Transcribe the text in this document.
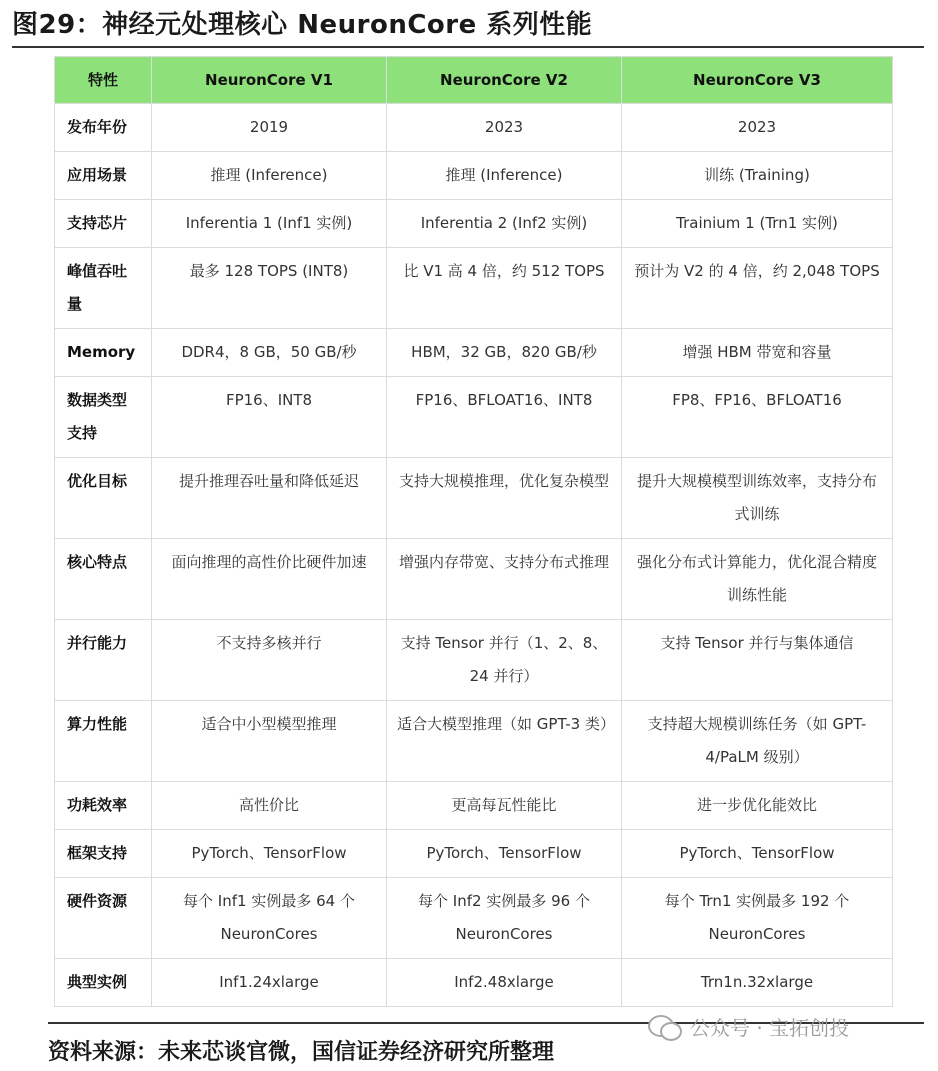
图29：神经元处理核心 NeuronCore 系列性能
特性	NeuronCore V1	NeuronCore V2	NeuronCore V3
发布年份	2019	2023	2023
应用场景	推理 (Inference)	推理 (Inference)	训练 (Training)
支持芯片	Inferentia 1 (Inf1 实例)	Inferentia 2 (Inf2 实例)	Trainium 1 (Trn1 实例)
峰值吞吐量	最多 128 TOPS (INT8)	比 V1 高 4 倍，约 512 TOPS	预计为 V2 的 4 倍，约 2,048 TOPS
Memory	DDR4，8 GB，50 GB/秒	HBM，32 GB，820 GB/秒	增强 HBM 带宽和容量
数据类型支持	FP16、INT8	FP16、BFLOAT16、INT8	FP8、FP16、BFLOAT16
优化目标	提升推理吞吐量和降低延迟	支持大规模推理，优化复杂模型	提升大规模模型训练效率，支持分布式训练
核心特点	面向推理的高性价比硬件加速	增强内存带宽、支持分布式推理	强化分布式计算能力，优化混合精度训练性能
并行能力	不支持多核并行	支持 Tensor 并行（1、2、8、24 并行）	支持 Tensor 并行与集体通信
算力性能	适合中小型模型推理	适合大模型推理（如 GPT-3 类）	支持超大规模训练任务（如 GPT-4/PaLM 级别）
功耗效率	高性价比	更高每瓦性能比	进一步优化能效比
框架支持	PyTorch、TensorFlow	PyTorch、TensorFlow	PyTorch、TensorFlow
硬件资源	每个 Inf1 实例最多 64 个 NeuronCores	每个 Inf2 实例最多 96 个 NeuronCores	每个 Trn1 实例最多 192 个 NeuronCores
典型实例	Inf1.24xlarge	Inf2.48xlarge	Trn1n.32xlarge
公众号 · 宝拓创投
资料来源：未来芯谈官微，国信证券经济研究所整理
